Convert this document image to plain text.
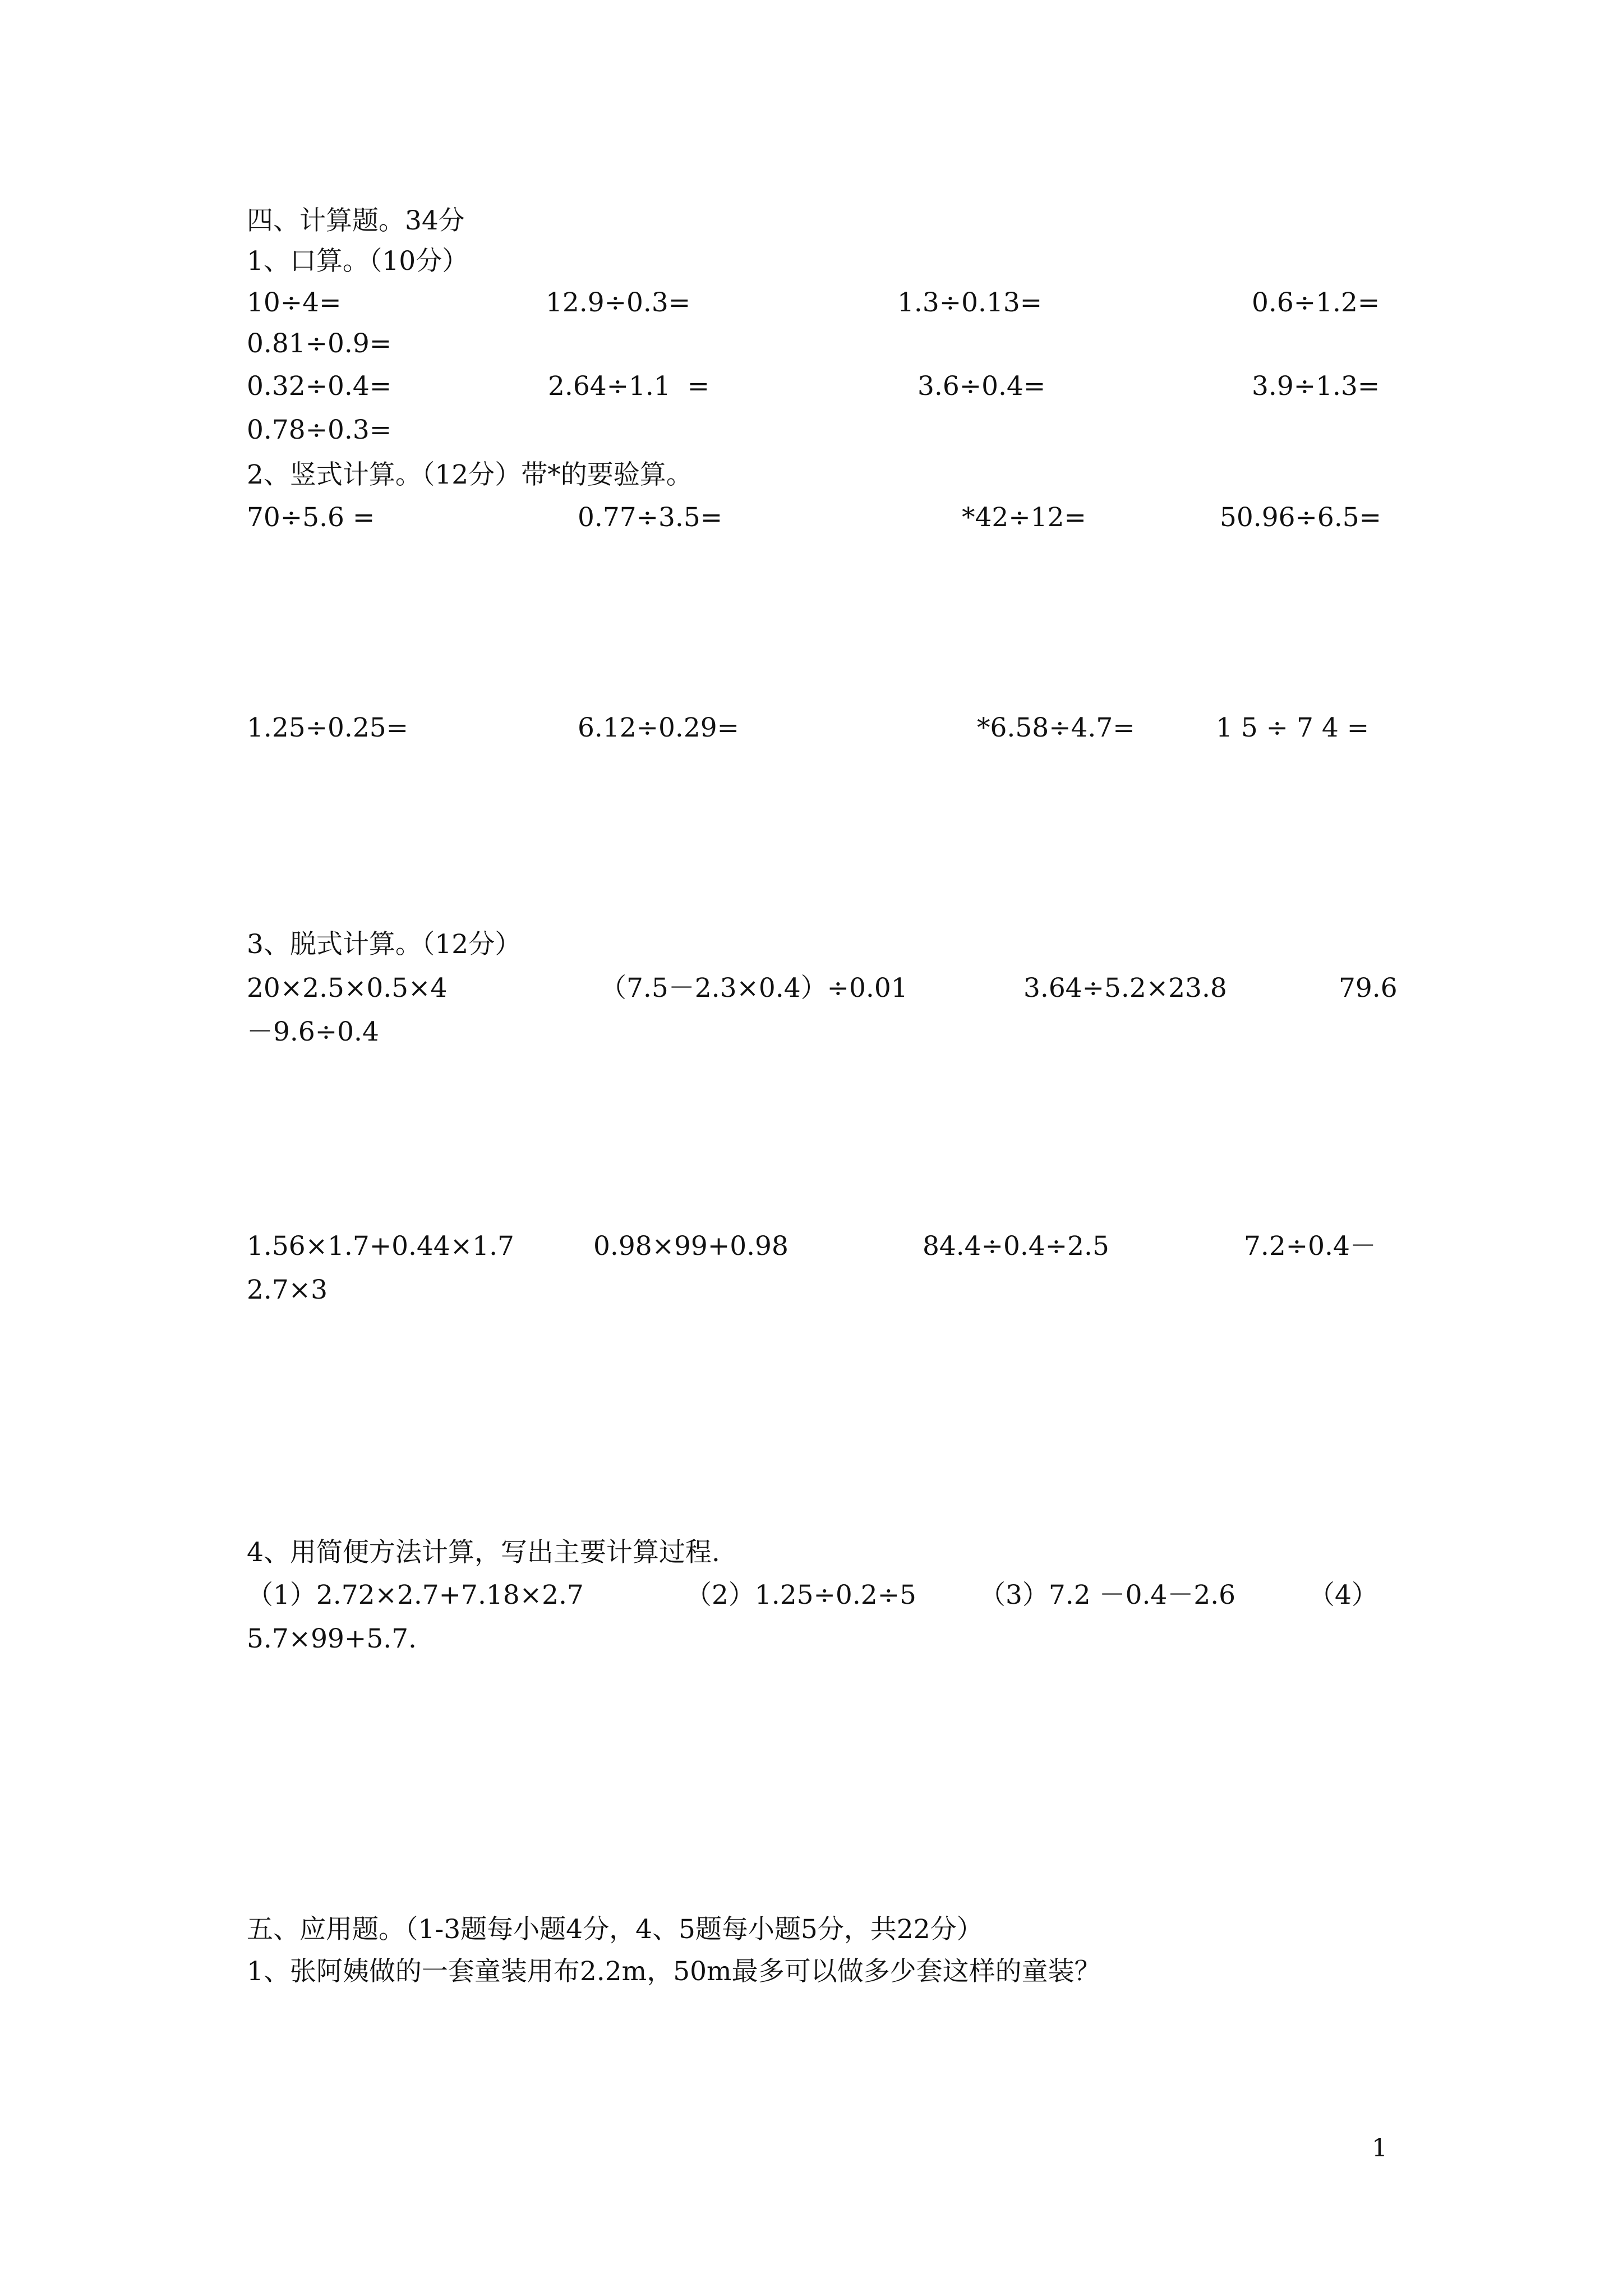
四、计算题。34分
1、口算。（10分）
10÷4=	12.9÷0.3=	1.3÷0.13=	0.6÷1.2=
0.81÷0.9=
0.32÷0.4=	2.64÷1.1  =	3.6÷0.4=	3.9÷1.3=
0.78÷0.3=
2、竖式计算。（12分）带*的要验算。
70÷5.6 =	0.77÷3.5=	*42÷12=	50.96÷6.5=
1.25÷0.25=	6.12÷0.29=	*6.58÷4.7=	1 5 ÷ 7 4 =
3、脱式计算。（12分）
20×2.5×0.5×4	（7.5－2.3×0.4）÷0.01	3.64÷5.2×23.8	79.6
－9.6÷0.4
1.56×1.7+0.44×1.7	0.98×99+0.98	84.4÷0.4÷2.5	7.2÷0.4－
2.7×3
4、用简便方法计算，写出主要计算过程.
（1）2.72×2.7+7.18×2.7	（2）1.25÷0.2÷5 （3）7.2 －0.4－2.6	（4）
5.7×99+5.7.
五、应用题。（1-3题每小题4分，4、5题每小题5分，共22分）
1、张阿姨做的一套童装用布2.2m，50m最多可以做多少套这样的童装？
1
